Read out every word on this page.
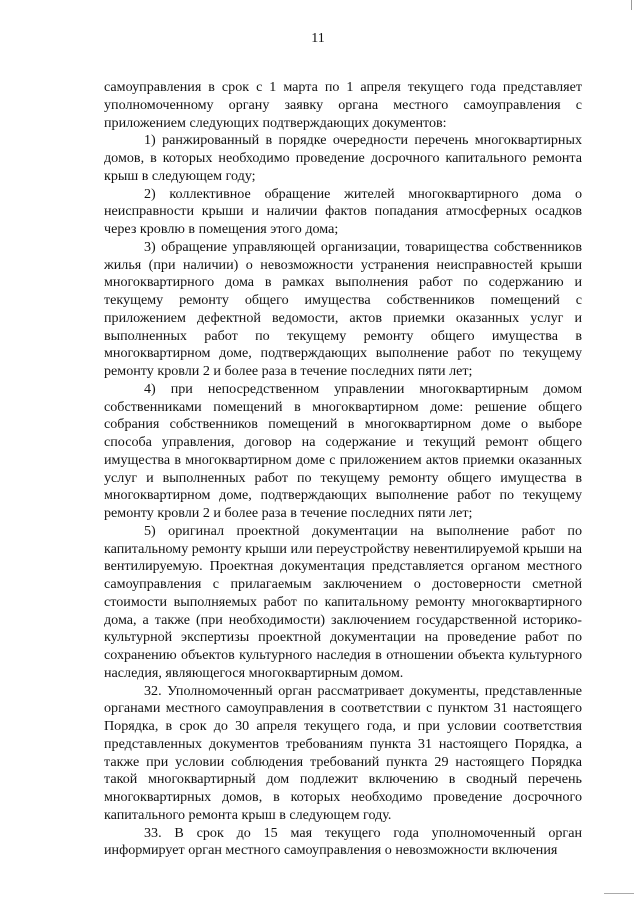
11

самоуправления в срок с 1 марта по 1 апреля текущего года представляет уполномоченному органу заявку органа местного самоуправления с приложением следующих подтверждающих документов:

1) ранжированный в порядке очередности перечень многоквартирных домов, в которых необходимо проведение досрочного капитального ремонта крыш в следующем году;

2) коллективное обращение жителей многоквартирного дома о неисправности крыши и наличии фактов попадания атмосферных осадков через кровлю в помещения этого дома;

3) обращение управляющей организации, товарищества собственников жилья (при наличии) о невозможности устранения неисправностей крыши многоквартирного дома в рамках выполнения работ по содержанию и текущему ремонту общего имущества собственников помещений с приложением дефектной ведомости, актов приемки оказанных услуг и выполненных работ по текущему ремонту общего имущества в многоквартирном доме, подтверждающих выполнение работ по текущему ремонту кровли 2 и более раза в течение последних пяти лет;

4) при непосредственном управлении многоквартирным домом собственниками помещений в многоквартирном доме: решение общего собрания собственников помещений в многоквартирном доме о выборе способа управления, договор на содержание и текущий ремонт общего имущества в многоквартирном доме с приложением актов приемки оказанных услуг и выполненных работ по текущему ремонту общего имущества в многоквартирном доме, подтверждающих выполнение работ по текущему ремонту кровли 2 и более раза в течение последних пяти лет;

5) оригинал проектной документации на выполнение работ по капитальному ремонту крыши или переустройству невентилируемой крыши на вентилируемую. Проектная документация представляется органом местного самоуправления с прилагаемым заключением о достоверности сметной стоимости выполняемых работ по капитальному ремонту многоквартирного дома, а также (при необходимости) заключением государственной историко-культурной экспертизы проектной документации на проведение работ по сохранению объектов культурного наследия в отношении объекта культурного наследия, являющегося многоквартирным домом.

32. Уполномоченный орган рассматривает документы, представленные органами местного самоуправления в соответствии с пунктом 31 настоящего Порядка, в срок до 30 апреля текущего года, и при условии соответствия представленных документов требованиям пункта 31 настоящего Порядка, а также при условии соблюдения требований пункта 29 настоящего Порядка такой многоквартирный дом подлежит включению в сводный перечень многоквартирных домов, в которых необходимо проведение досрочного капитального ремонта крыш в следующем году.

33. В срок до 15 мая текущего года уполномоченный орган информирует орган местного самоуправления о невозможности включения
